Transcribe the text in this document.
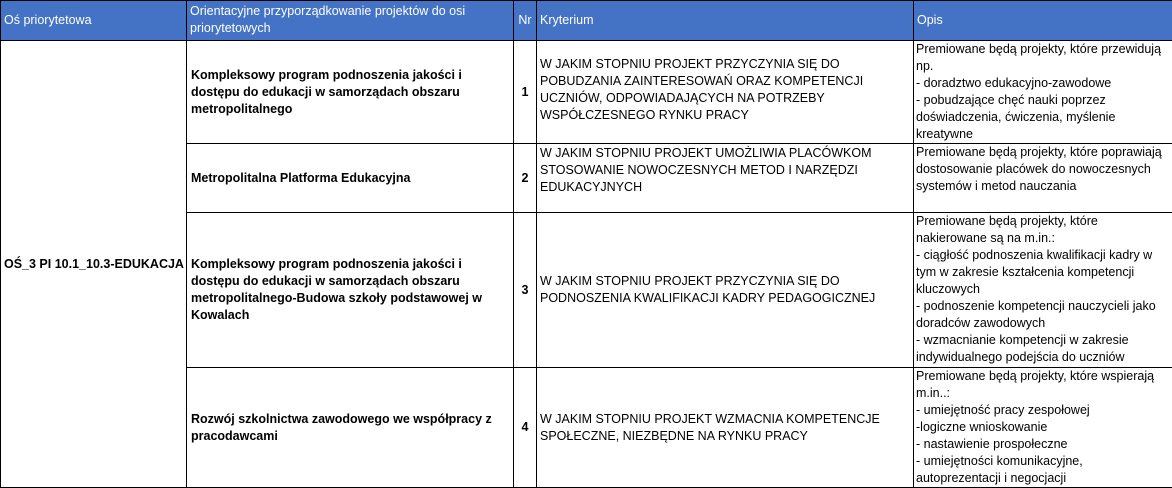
Oś priorytetowa	Orientacyjne przyporządkowanie projektów do osi priorytetowych	Nr	Kryterium	Opis
OŚ_3 PI 10.1_10.3-EDUKACJA	Kompleksowy program podnoszenia jakości i dostępu do edukacji w samorządach obszaru metropolitalnego	1	W JAKIM STOPNIU PROJEKT PRZYCZYNIA SIĘ DO POBUDZANIA ZAINTERESOWAŃ ORAZ KOMPETENCJI UCZNIÓW, ODPOWIADAJĄCYCH NA POTRZEBY WSPÓŁCZESNEGO RYNKU PRACY	Premiowane będą projekty, które przewidują np.
- doradztwo edukacyjno-zawodowe
- pobudzające chęć nauki poprzez doświadczenia, ćwiczenia, myślenie kreatywne

	Metropolitalna Platforma Edukacyjna	2	W JAKIM STOPNIU PROJEKT UMOŻLIWIA PLACÓWKOM STOSOWANIE NOWOCZESNYCH METOD I NARZĘDZI EDUKACYJNYCH	Premiowane będą projekty, które poprawiają dostosowanie placówek do nowoczesnych systemów i metod nauczania

	Kompleksowy program podnoszenia jakości i dostępu do edukacji w samorządach obszaru metropolitalnego-Budowa szkoły podstawowej w Kowalach	3	W JAKIM STOPNIU PROJEKT PRZYCZYNIA SIĘ DO PODNOSZENIA KWALIFIKACJI KADRY PEDAGOGICZNEJ	Premiowane będą projekty, które nakierowane są na m.in.:
- ciągłość podnoszenia kwalifikacji kadry w tym w zakresie kształcenia kompetencji kluczowych
- podnoszenie kompetencji nauczycieli jako doradców zawodowych
- wzmacnianie kompetencji w zakresie indywidualnego podejścia do uczniów

	Rozwój szkolnictwa zawodowego we współpracy z pracodawcami	4	W JAKIM STOPNIU PROJEKT WZMACNIA KOMPETENCJE SPOŁECZNE, NIEZBĘDNE NA RYNKU PRACY	Premiowane będą projekty, które wspierają m.in..:
- umiejętność pracy zespołowej
-logiczne wnioskowanie
- nastawienie prospołeczne
- umiejętności komunikacyjne, autoprezentacji i negocjacji
